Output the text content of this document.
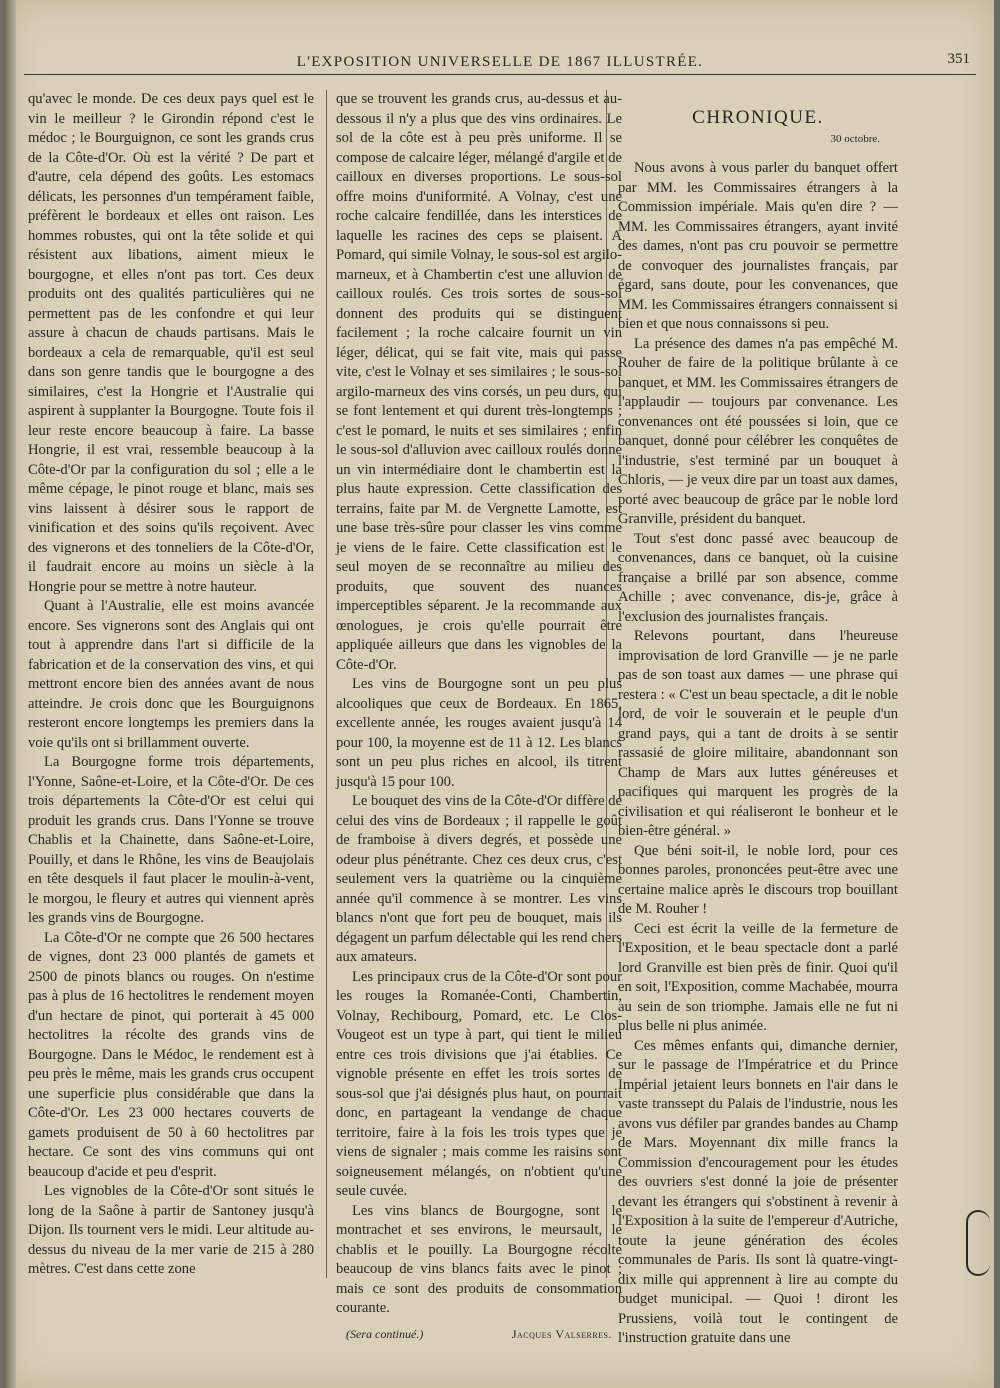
L'EXPOSITION UNIVERSELLE DE 1867 ILLUSTRÉE.	351

qu'avec le monde. De ces deux pays quel est le vin le meilleur ? le Girondin répond c'est le médoc ; le Bourguignon, ce sont les grands crus de la Côte-d'Or. Où est la vérité ? De part et d'autre, cela dépend des goûts. Les estomacs délicats, les personnes d'un tempérament faible, préfèrent le bordeaux et elles ont raison. Les hommes robustes, qui ont la tête solide et qui résistent aux libations, aiment mieux le bourgogne, et elles n'ont pas tort. Ces deux produits ont des qualités particulières qui ne permettent pas de les confondre et qui leur assure à chacun de chauds partisans. Mais le bordeaux a cela de remarquable, qu'il est seul dans son genre tandis que le bourgogne a des similaires, c'est la Hongrie et l'Australie qui aspirent à supplanter la Bourgogne. Toute fois il leur reste encore beaucoup à faire. La basse Hongrie, il est vrai, ressemble beaucoup à la Côte-d'Or par la configuration du sol ; elle a le même cépage, le pinot rouge et blanc, mais ses vins laissent à désirer sous le rapport de vinification et des soins qu'ils reçoivent. Avec des vignerons et des tonneliers de la Côte-d'Or, il faudrait encore au moins un siècle à la Hongrie pour se mettre à notre hauteur.

Quant à l'Australie, elle est moins avancée encore. Ses vignerons sont des Anglais qui ont tout à apprendre dans l'art si difficile de la fabrication et de la conservation des vins, et qui mettront encore bien des années avant de nous atteindre. Je crois donc que les Bourguignons resteront encore longtemps les premiers dans la voie qu'ils ont si brillamment ouverte.

La Bourgogne forme trois départements, l'Yonne, Saône-et-Loire, et la Côte-d'Or. De ces trois départements la Côte-d'Or est celui qui produit les grands crus. Dans l'Yonne se trouve Chablis et la Chainette, dans Saône-et-Loire, Pouilly, et dans le Rhône, les vins de Beaujolais en tête desquels il faut placer le moulin-à-vent, le morgou, le fleury et autres qui viennent après les grands vins de Bourgogne.

La Côte-d'Or ne compte que 26 500 hectares de vignes, dont 23 000 plantés de gamets et 2500 de pinots blancs ou rouges. On n'estime pas à plus de 16 hectolitres le rendement moyen d'un hectare de pinot, qui porterait à 45 000 hectolitres la récolte des grands vins de Bourgogne. Dans le Médoc, le rendement est à peu près le même, mais les grands crus occupent une superficie plus considérable que dans la Côte-d'Or. Les 23 000 hectares couverts de gamets produisent de 50 à 60 hectolitres par hectare. Ce sont des vins communs qui ont beaucoup d'acide et peu d'esprit.

Les vignobles de la Côte-d'Or sont situés le long de la Saône à partir de Santoney jusqu'à Dijon. Ils tournent vers le midi. Leur altitude au-dessus du niveau de la mer varie de 215 à 280 mètres. C'est dans cette zone

que se trouvent les grands crus, au-dessus et au-dessous il n'y a plus que des vins ordinaires. Le sol de la côte est à peu près uniforme. Il se compose de calcaire léger, mélangé d'argile et de cailloux en diverses proportions. Le sous-sol offre moins d'uniformité. A Volnay, c'est une roche calcaire fendillée, dans les interstices de laquelle les racines des ceps se plaisent. A Pomard, qui simile Volnay, le sous-sol est argilo-marneux, et à Chambertin c'est une alluvion de cailloux roulés. Ces trois sortes de sous-sol donnent des produits qui se distinguent facilement ; la roche calcaire fournit un vin léger, délicat, qui se fait vite, mais qui passe vite, c'est le Volnay et ses similaires ; le sous-sol argilo-marneux des vins corsés, un peu durs, qui se font lentement et qui durent très-longtemps ; c'est le pomard, le nuits et ses similaires ; enfin le sous-sol d'alluvion avec cailloux roulés donne un vin intermédiaire dont le chambertin est la plus haute expression. Cette classification des terrains, faite par M. de Vergnette Lamotte, est une base très-sûre pour classer les vins comme je viens de le faire. Cette classification est le seul moyen de se reconnaître au milieu des produits, que souvent des nuances imperceptibles séparent. Je la recommande aux œnologues, je crois qu'elle pourrait être appliquée ailleurs que dans les vignobles de la Côte-d'Or.

Les vins de Bourgogne sont un peu plus alcooliques que ceux de Bordeaux. En 1865, excellente année, les rouges avaient jusqu'à 14 pour 100, la moyenne est de 11 à 12. Les blancs sont un peu plus riches en alcool, ils titrent jusqu'à 15 pour 100.

Le bouquet des vins de la Côte-d'Or diffère de celui des vins de Bordeaux ; il rappelle le goût de framboise à divers degrés, et possède une odeur plus pénétrante. Chez ces deux crus, c'est seulement vers la quatrième ou la cinquième année qu'il commence à se montrer. Les vins blancs n'ont que fort peu de bouquet, mais ils dégagent un parfum délectable qui les rend chers aux amateurs.

Les principaux crus de la Côte-d'Or sont pour les rouges la Romanée-Conti, Chambertin, Volnay, Rechibourg, Pomard, etc. Le Clos-Vougeot est un type à part, qui tient le milieu entre ces trois divisions que j'ai établies. Ce vignoble présente en effet les trois sortes de sous-sol que j'ai désignés plus haut, on pourrait donc, en partageant la vendange de chaque territoire, faire à la fois les trois types que je viens de signaler ; mais comme les raisins sont soigneusement mélangés, on n'obtient qu'une seule cuvée.

Les vins blancs de Bourgogne, sont le montrachet et ses environs, le meursault, le chablis et le pouilly. La Bourgogne récolte beaucoup de vins blancs faits avec le pinot ; mais ce sont des produits de consommation courante.

(Sera continué.)	Jacques Valserres.
CHRONIQUE.
30 octobre.

Nous avons à vous parler du banquet offert par MM. les Commissaires étrangers à la Commission impériale. Mais qu'en dire ? — MM. les Commissaires étrangers, ayant invité des dames, n'ont pas cru pouvoir se permettre de convoquer des journalistes français, par égard, sans doute, pour les convenances, que MM. les Commissaires étrangers connaissent si bien et que nous connaissons si peu.

La présence des dames n'a pas empêché M. Rouher de faire de la politique brûlante à ce banquet, et MM. les Commissaires étrangers de l'applaudir — toujours par convenance. Les convenances ont été poussées si loin, que ce banquet, donné pour célébrer les conquêtes de l'industrie, s'est terminé par un bouquet à Chloris, — je veux dire par un toast aux dames, porté avec beaucoup de grâce par le noble lord Granville, président du banquet.

Tout s'est donc passé avec beaucoup de convenances, dans ce banquet, où la cuisine française a brillé par son absence, comme Achille ; avec convenance, dis-je, grâce à l'exclusion des journalistes français.

Relevons pourtant, dans l'heureuse improvisation de lord Granville — je ne parle pas de son toast aux dames — une phrase qui restera : « C'est un beau spectacle, a dit le noble lord, de voir le souverain et le peuple d'un grand pays, qui a tant de droits à se sentir rassasié de gloire militaire, abandonnant son Champ de Mars aux luttes généreuses et pacifiques qui marquent les progrès de la civilisation et qui réaliseront le bonheur et le bien-être général. »

Que béni soit-il, le noble lord, pour ces bonnes paroles, prononcées peut-être avec une certaine malice après le discours trop bouillant de M. Rouher !

Ceci est écrit la veille de la fermeture de l'Exposition, et le beau spectacle dont a parlé lord Granville est bien près de finir. Quoi qu'il en soit, l'Exposition, comme Machabée, mourra au sein de son triomphe. Jamais elle ne fut ni plus belle ni plus animée.

Ces mêmes enfants qui, dimanche dernier, sur le passage de l'Impératrice et du Prince Impérial jetaient leurs bonnets en l'air dans le vaste transsept du Palais de l'industrie, nous les avons vus défiler par grandes bandes au Champ de Mars. Moyennant dix mille francs la Commission d'encouragement pour les études des ouvriers s'est donné la joie de présenter devant les étrangers qui s'obstinent à revenir à l'Exposition à la suite de l'empereur d'Autriche, toute la jeune génération des écoles communales de Paris. Ils sont là quatre-vingt-dix mille qui apprennent à lire au compte du budget municipal. — Quoi ! diront les Prussiens, voilà tout le contingent de l'instruction gratuite dans une
